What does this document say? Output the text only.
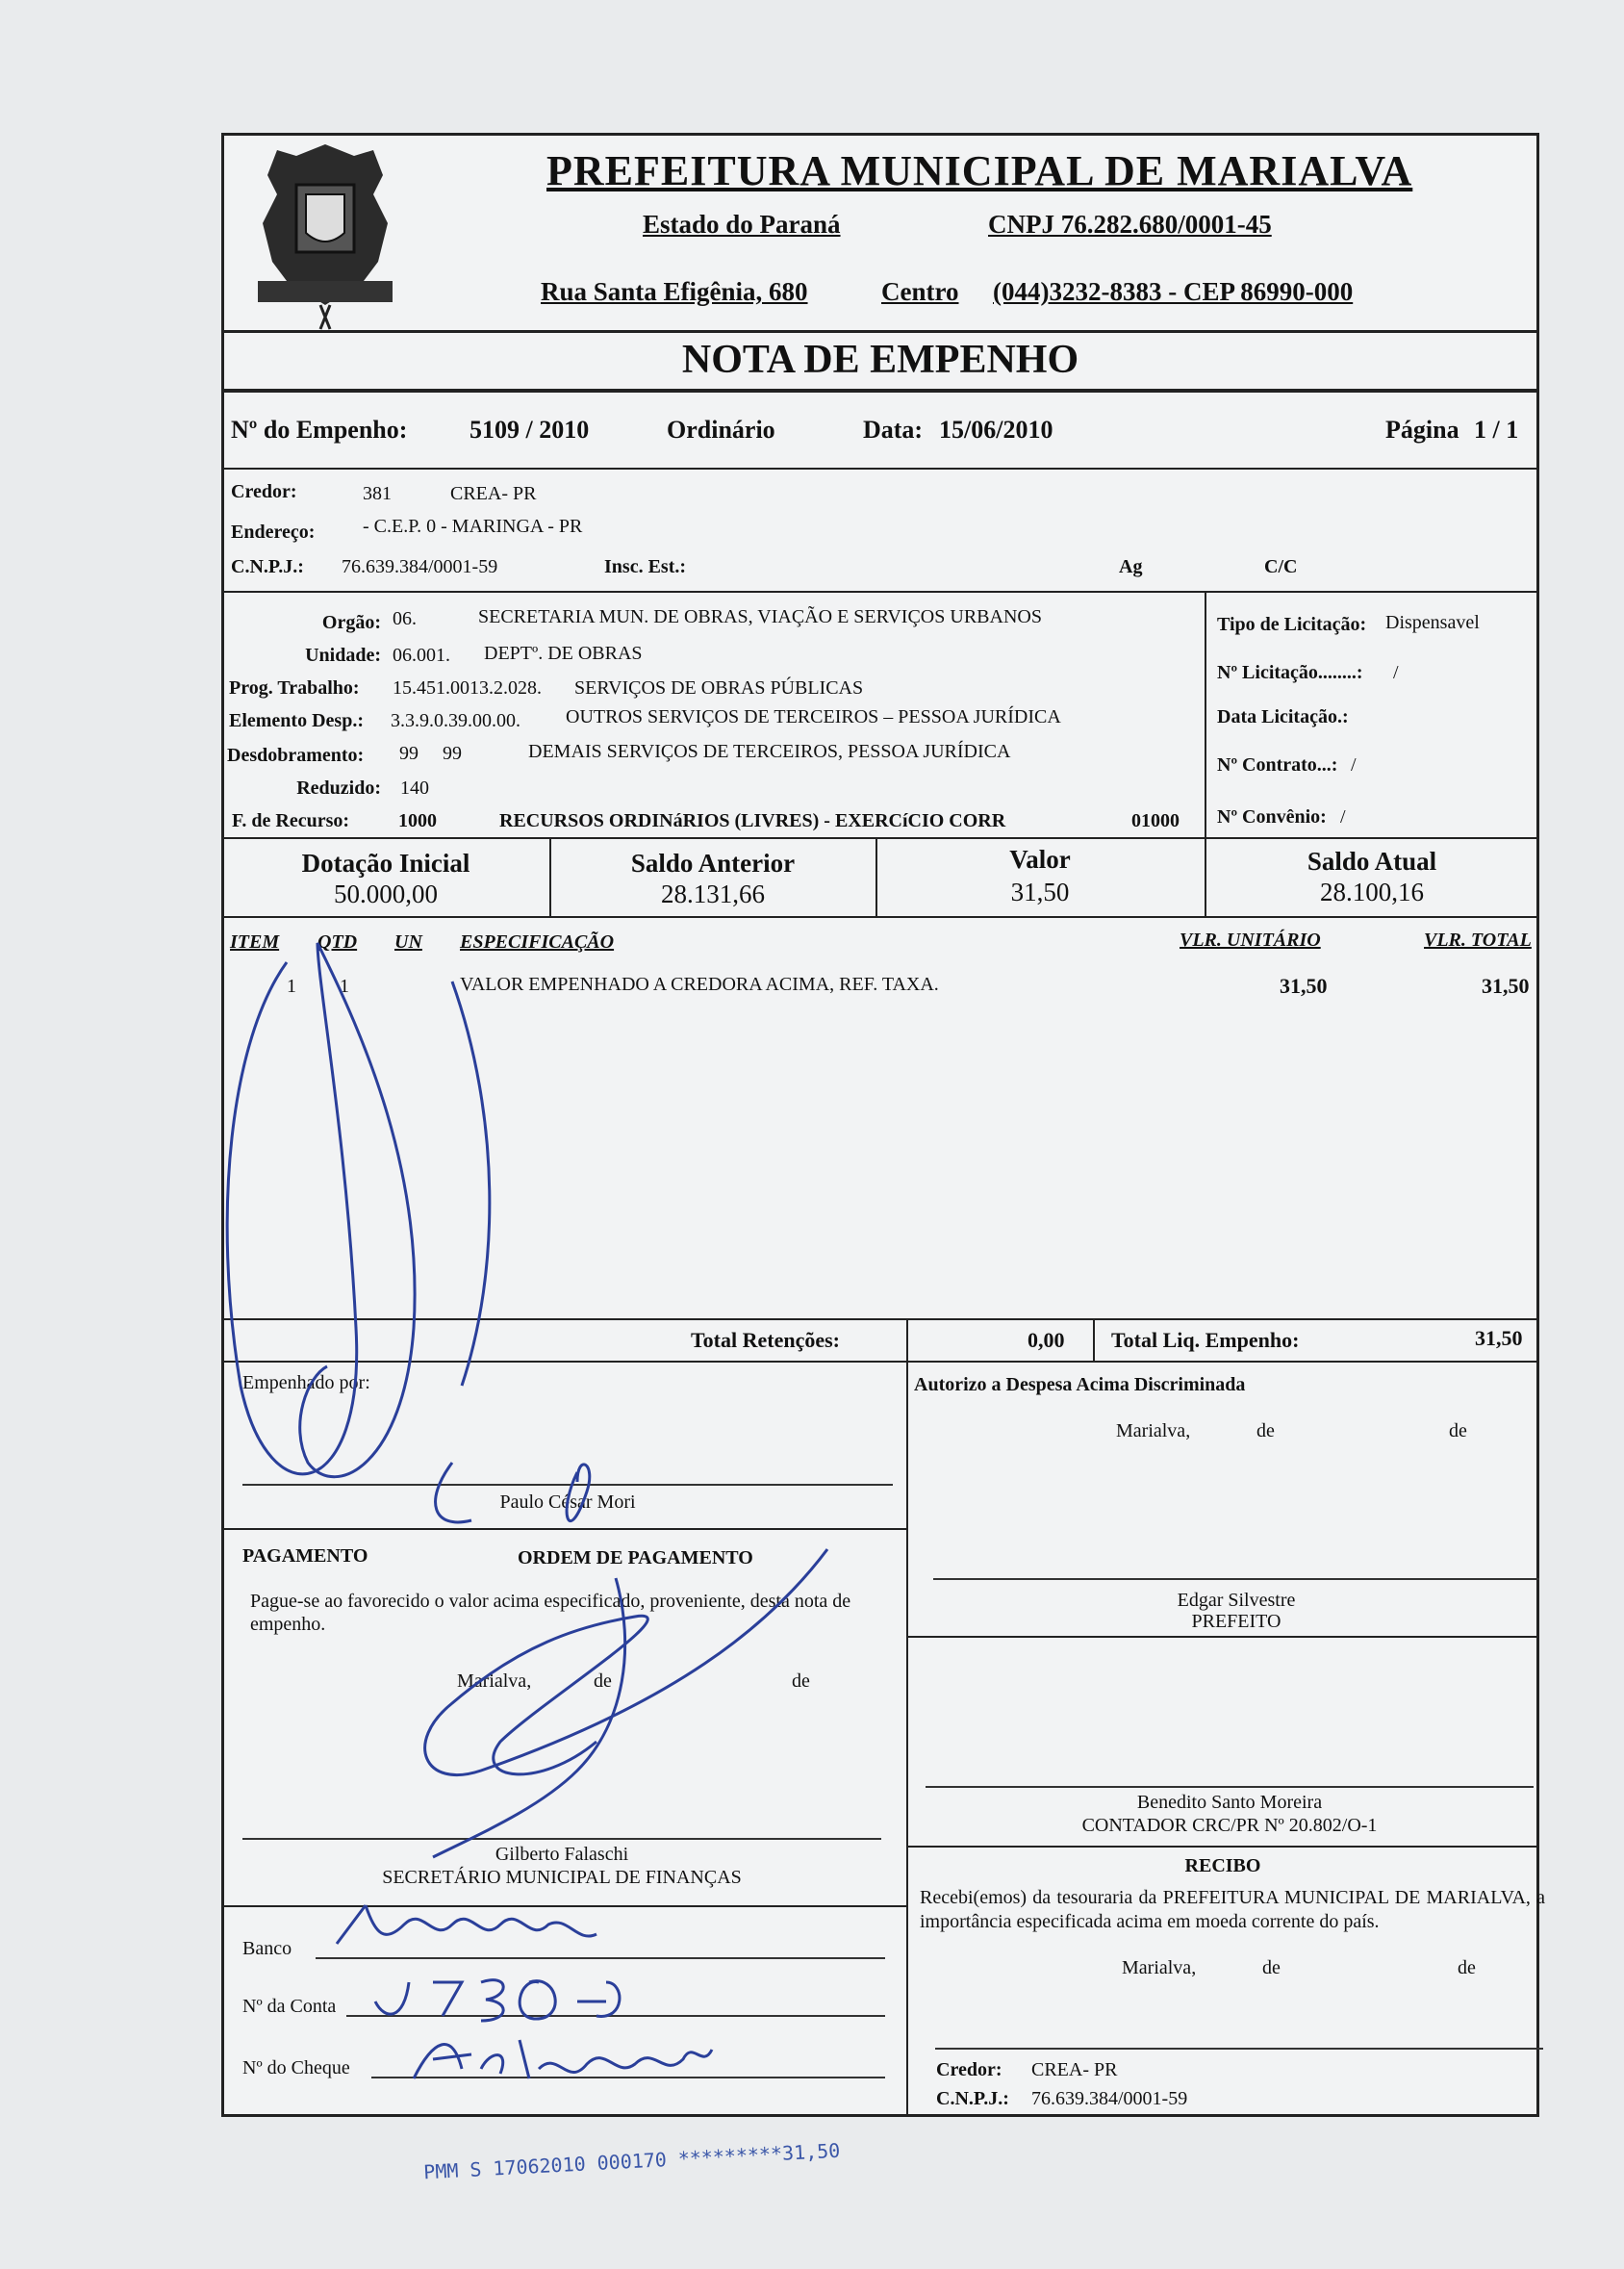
PREFEITURA MUNICIPAL DE MARIALVA
Estado do Paraná	CNPJ 76.282.680/0001-45
Rua Santa Efigênia, 680	Centro (044)3232-8383 - CEP 86990-000
NOTA DE EMPENHO
Nº do Empenho: 5109 / 2010	Ordinário	Data: 15/06/2010	Página 1 / 1
Credor:	381	CREA- PR
Endereço: - C.E.P. 0 - MARINGA - PR
C.N.P.J.: 76.639.384/0001-59	Insc. Est.:	Ag	C/C
Orgão: 06.	SECRETARIA MUN. DE OBRAS, VIAÇÃO E SERVIÇOS URBANOS
Unidade: 06.001. DEPTº. DE OBRAS
Prog. Trabalho: 15.451.0013.2.028. SERVIÇOS DE OBRAS PÚBLICAS
Elemento Desp.: 3.3.9.0.39.00.00. OUTROS SERVIÇOS DE TERCEIROS – PESSOA JURÍDICA
Desdobramento: 99     99	DEMAIS SERVIÇOS DE TERCEIROS, PESSOA JURÍDICA
Reduzido: 140
F. de Recurso:	1000	RECURSOS ORDINáRIOS (LIVRES) - EXERCíCIO CORR	01000
Tipo de Licitação: Dispensavel
Nº Licitação........: /
Data Licitação.:
Nº Contrato...: /
Nº Convênio: /
Dotação Inicial
50.000,00
Saldo Anterior
28.131,66
Valor
31,50
Saldo Atual
28.100,16
ITEM QTD UN ESPECIFICAÇÃO	VLR. UNITÁRIO	VLR. TOTAL
1 1	VALOR EMPENHADO A CREDORA ACIMA, REF. TAXA.	31,50	31,50
Total Retenções:	0,00 Total Liq. Empenho:	31,50
Empenhado por:
Paulo César Mori
Autorizo a Despesa Acima Discriminada
Marialva,	de	de
Edgar Silvestre
PREFEITO
PAGAMENTO	ORDEM DE PAGAMENTO
Pague-se ao favorecido o valor acima especificado, proveniente, desta nota de empenho.
Marialva,	de	de
Gilberto Falaschi
SECRETÁRIO MUNICIPAL DE FINANÇAS
Benedito Santo Moreira
CONTADOR CRC/PR Nº 20.802/O-1
Banco
Nº da Conta
Nº do Cheque
RECIBO
Recebi(emos) da tesouraria da PREFEITURA MUNICIPAL DE MARIALVA, a importância especificada acima em moeda corrente do país.
Marialva,	de	de
Credor: CREA- PR
C.N.P.J.: 76.639.384/0001-59
PMM S 17062010 000170 *********31,50
